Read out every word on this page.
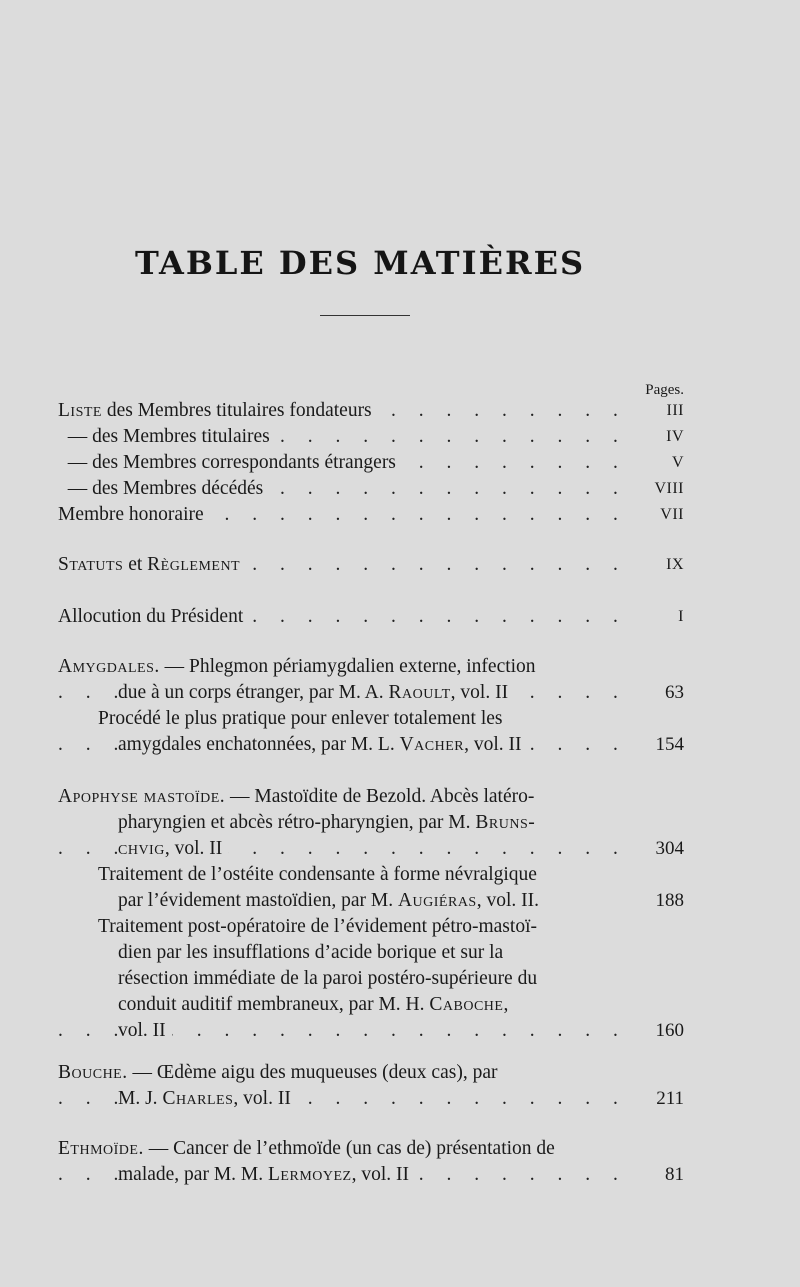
TABLE DES MATIÈRES
Pages.
. . .
Liste des Membres titulaires fondateurs	III
. . .
— des Membres titulaires	IV
. . .
— des Membres correspondants étrangers	V
. . .
— des Membres décédés	VIII
. . .
Membre honoraire	VII
. . .
Statuts et Règlement	IX
. . .
Allocution du Président	I
Amygdales. — Phlegmon périamygdalien externe, infection
. . .
due à un corps étranger, par M. A. Raoult, vol. II	63
Procédé le plus pratique pour enlever totalement les
. . .
amygdales enchatonnées, par M. L. Vacher, vol. II	154
Apophyse mastoïde. — Mastoïdite de Bezold. Abcès latéro-
pharyngien et abcès rétro-pharyngien, par M. Bruns-
. . .
chvig, vol. II	304
Traitement de l’ostéite condensante à forme névralgique
par l’évidement mastoïdien, par M. Augiéras, vol. II.	188
Traitement post-opératoire de l’évidement pétro-mastoï-
dien par les insufflations d’acide borique et sur la
résection immédiate de la paroi postéro-supérieure du
conduit auditif membraneux, par M. H. Caboche,
. . .
vol. II	160
Bouche. — Œdème aigu des muqueuses (deux cas), par
. . .
M. J. Charles, vol. II	211
Ethmoïde. — Cancer de l’ethmoïde (un cas de) présentation de
. . .
malade, par M. M. Lermoyez, vol. II	81
